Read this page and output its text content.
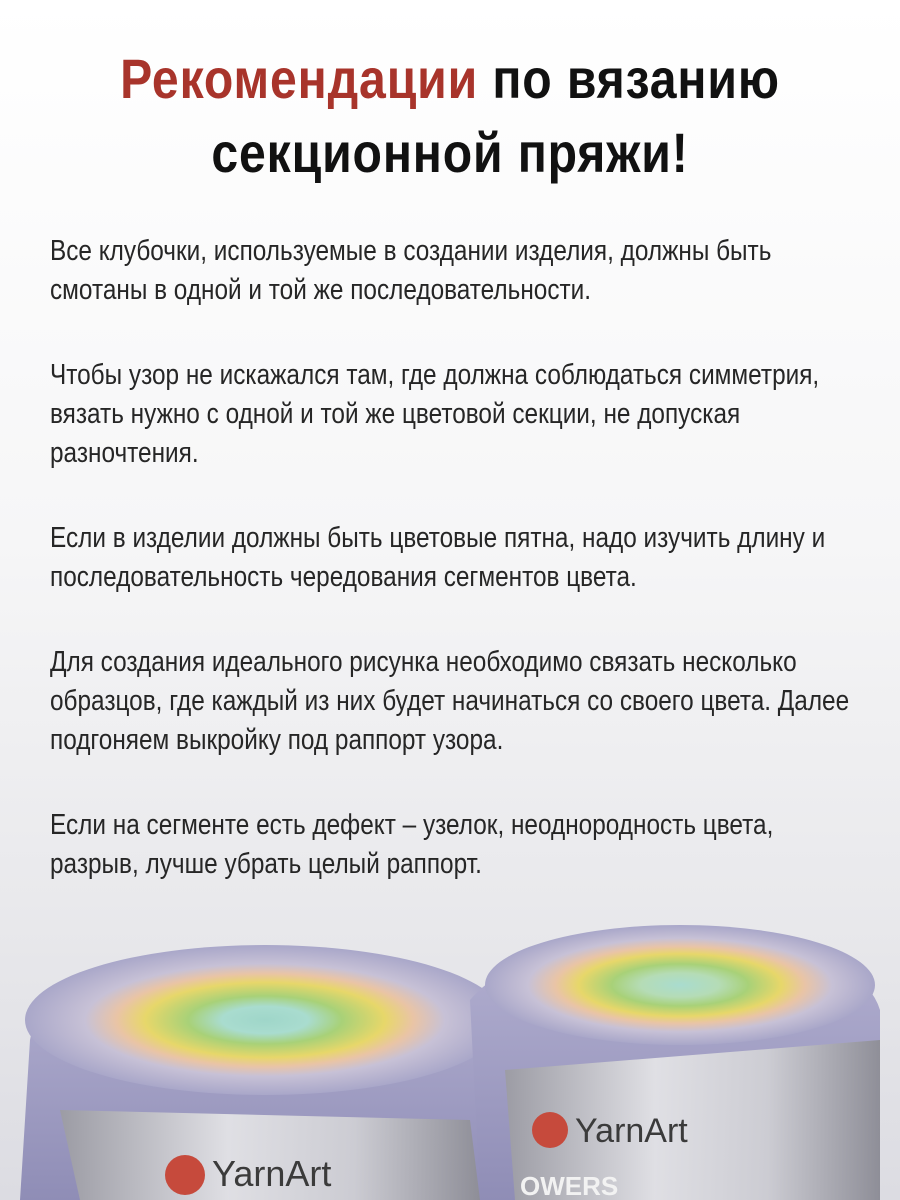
Рекомендации по вязанию
секционной пряжи!

Все клубочки, используемые в создании изделия, должны быть смотаны в одной и той же последовательности.

Чтобы узор не искажался там, где должна соблюдаться симметрия, вязать нужно с одной и той же цветовой секции, не допуская разночтения.

Если в изделии должны быть цветовые пятна, надо изучить длину и последовательность чередования сегментов цвета.

Для создания идеального рисунка необходимо связать несколько образцов, где каждый из них будет начинаться со своего цвета. Далее подгоняем выкройку под раппорт узора.

Если на сегменте есть дефект – узелок, неоднородность цвета, разрыв, лучше убрать целый раппорт.

YarnArt
YarnArt
OWERS
